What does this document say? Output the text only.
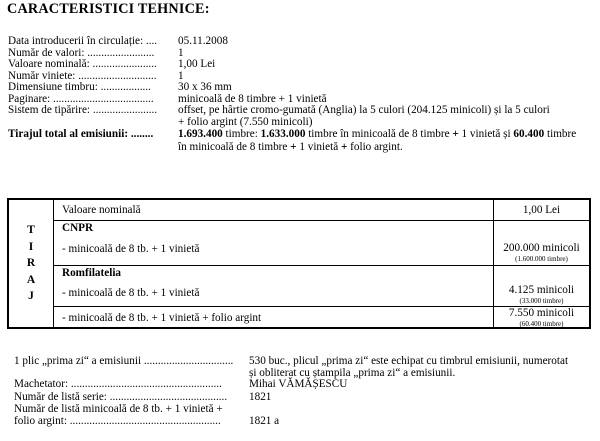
CARACTERISTICI TEHNICE:
Data introducerii în circulație: .... 05.11.2008
Număr de valori: ........................ 1
Valoare nominală: ....................... 1,00 Lei
Număr viniete: ............................ 1
Dimensiune timbru: .................. 30 x 36 mm
Paginare: .................................... minicoală de 8 timbre + 1 vinietă
Sistem de tipărire: ....................... offset, pe hârtie cromo-gumată (Anglia) la 5 culori (204.125 minicoli) și la 5 culori
+ folio argint (7.550 minicoli)
Tirajul total al emisiunii: ........ 1.693.400 timbre: 1.633.000 timbre în minicoală de 8 timbre + 1 vinietă și 60.400 timbre
în minicoală de 8 timbre + 1 vinietă + folio argint.
T
I
R
A
J
Valoare nominală	1,00 Lei
CNPR
- minicoală de 8 tb. + 1 vinietă	200.000 minicoli
(1.600.000 timbre)
Romfilatelia
- minicoală de 8 tb. + 1 vinietă	4.125 minicoli
(33.000 timbre)
- minicoală de 8 tb. + 1 vinietă + folio argint	7.550 minicoli
(60.400 timbre)
1 plic „prima zi“ a emisiunii ................................ 530 buc., plicul „prima zi“ este echipat cu timbrul emisiunii, numerotat
și obliterat cu ștampila „prima zi“ a emisiunii.
Machetator: ...................................................... Mihai VĂMĂȘESCU
Număr de listă serie: .......................................... 1821
Număr de listă minicoală de 8 tb. + 1 vinietă +
folio argint: ......................................................	1821 a
